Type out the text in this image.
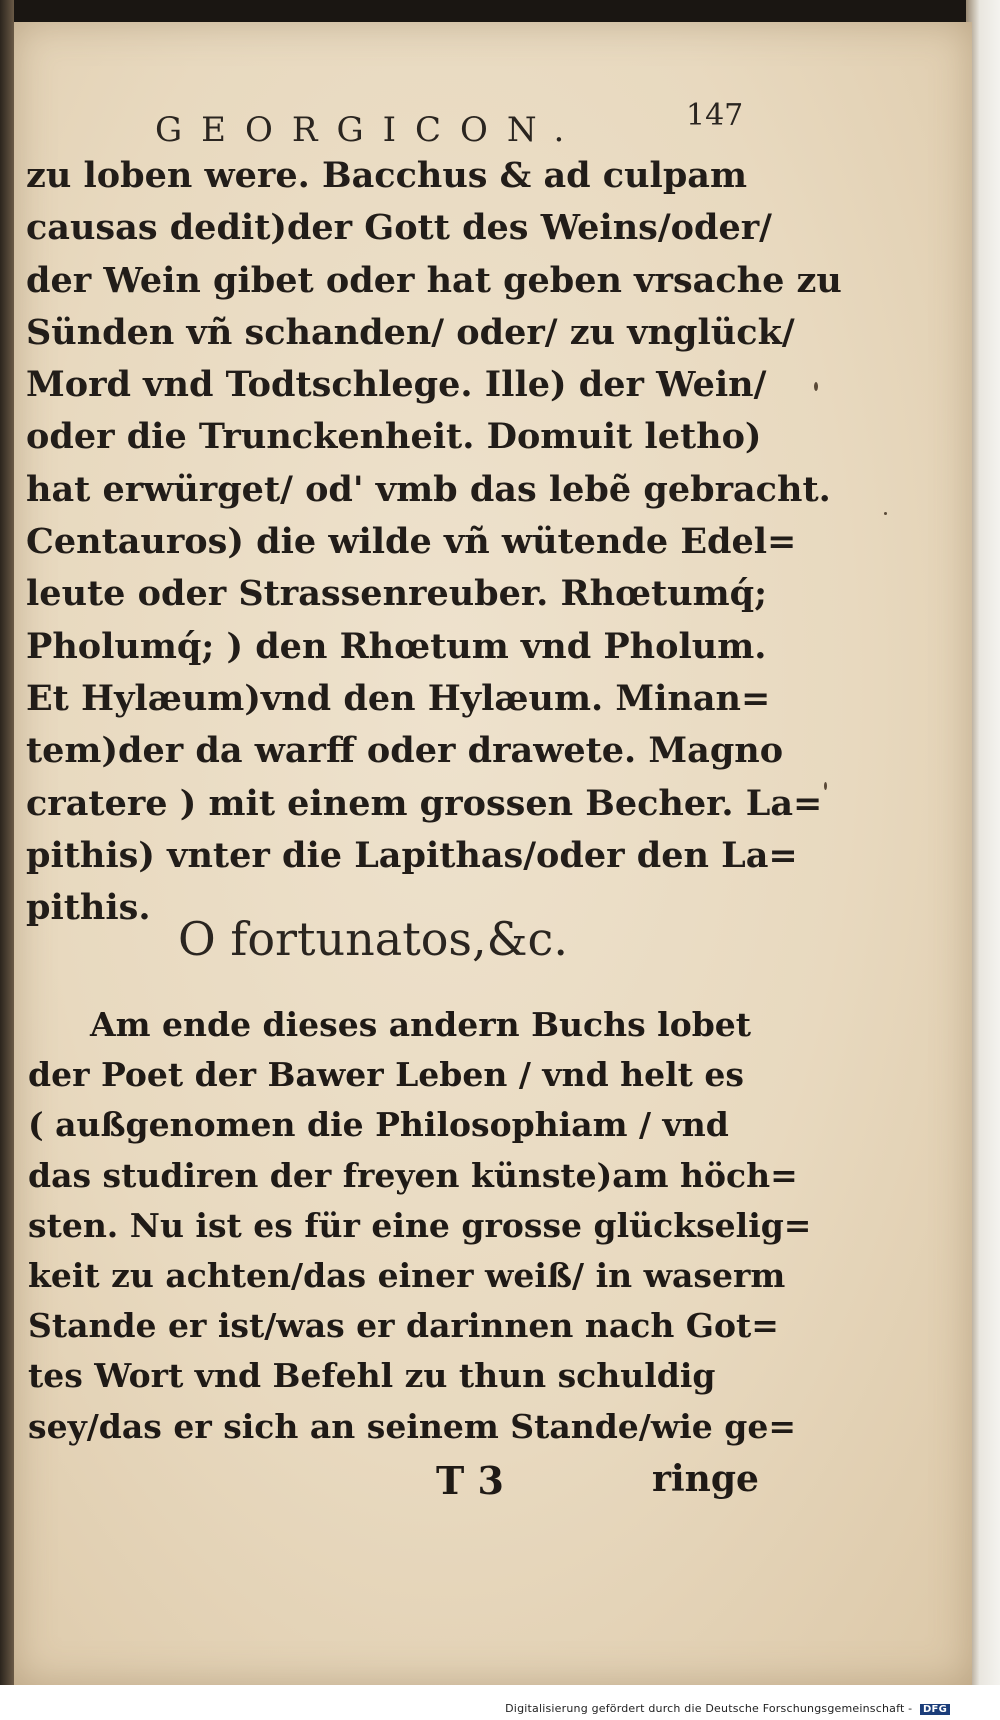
GEORGICON.	147
zu loben were. Bacchus & ad culpam
causas dedit)der Gott des Weins/oder/
der Wein gibet oder hat geben vrsache zu
Sünden vñ schanden/ oder/ zu vnglück/
Mord vnd Todtschlege. Ille) der Wein/
oder die Trunckenheit. Domuit letho)
hat erwürget/ od' vmb das lebẽ gebracht.
Centauros) die wilde vñ wütende Edel=
leute oder Strassenreuber. Rhœtumq́;
Pholumq́; ) den Rhœtum vnd Pholum.
Et Hylæum)vnd den Hylæum. Minan=
tem)der da warff oder drawete. Magno
cratere ) mit einem grossen Becher. La=
pithis) vnter die Lapithas/oder den La=
pithis.
O fortunatos,&c.
Am ende dieses andern Buchs lobet
der Poet der Bawer Leben / vnd helt es
( außgenomen die Philosophiam / vnd
das studiren der freyen künste)am höch=
sten. Nu ist es für eine grosse glückselig=
keit zu achten/das einer weiß/ in waserm
Stande er ist/was er darinnen nach Got=
tes Wort vnd Befehl zu thun schuldig
sey/das er sich an seinem Stande/wie ge=
T 3	ringe
Digitalisierung gefördert durch die Deutsche Forschungsgemeinschaft - DFG
